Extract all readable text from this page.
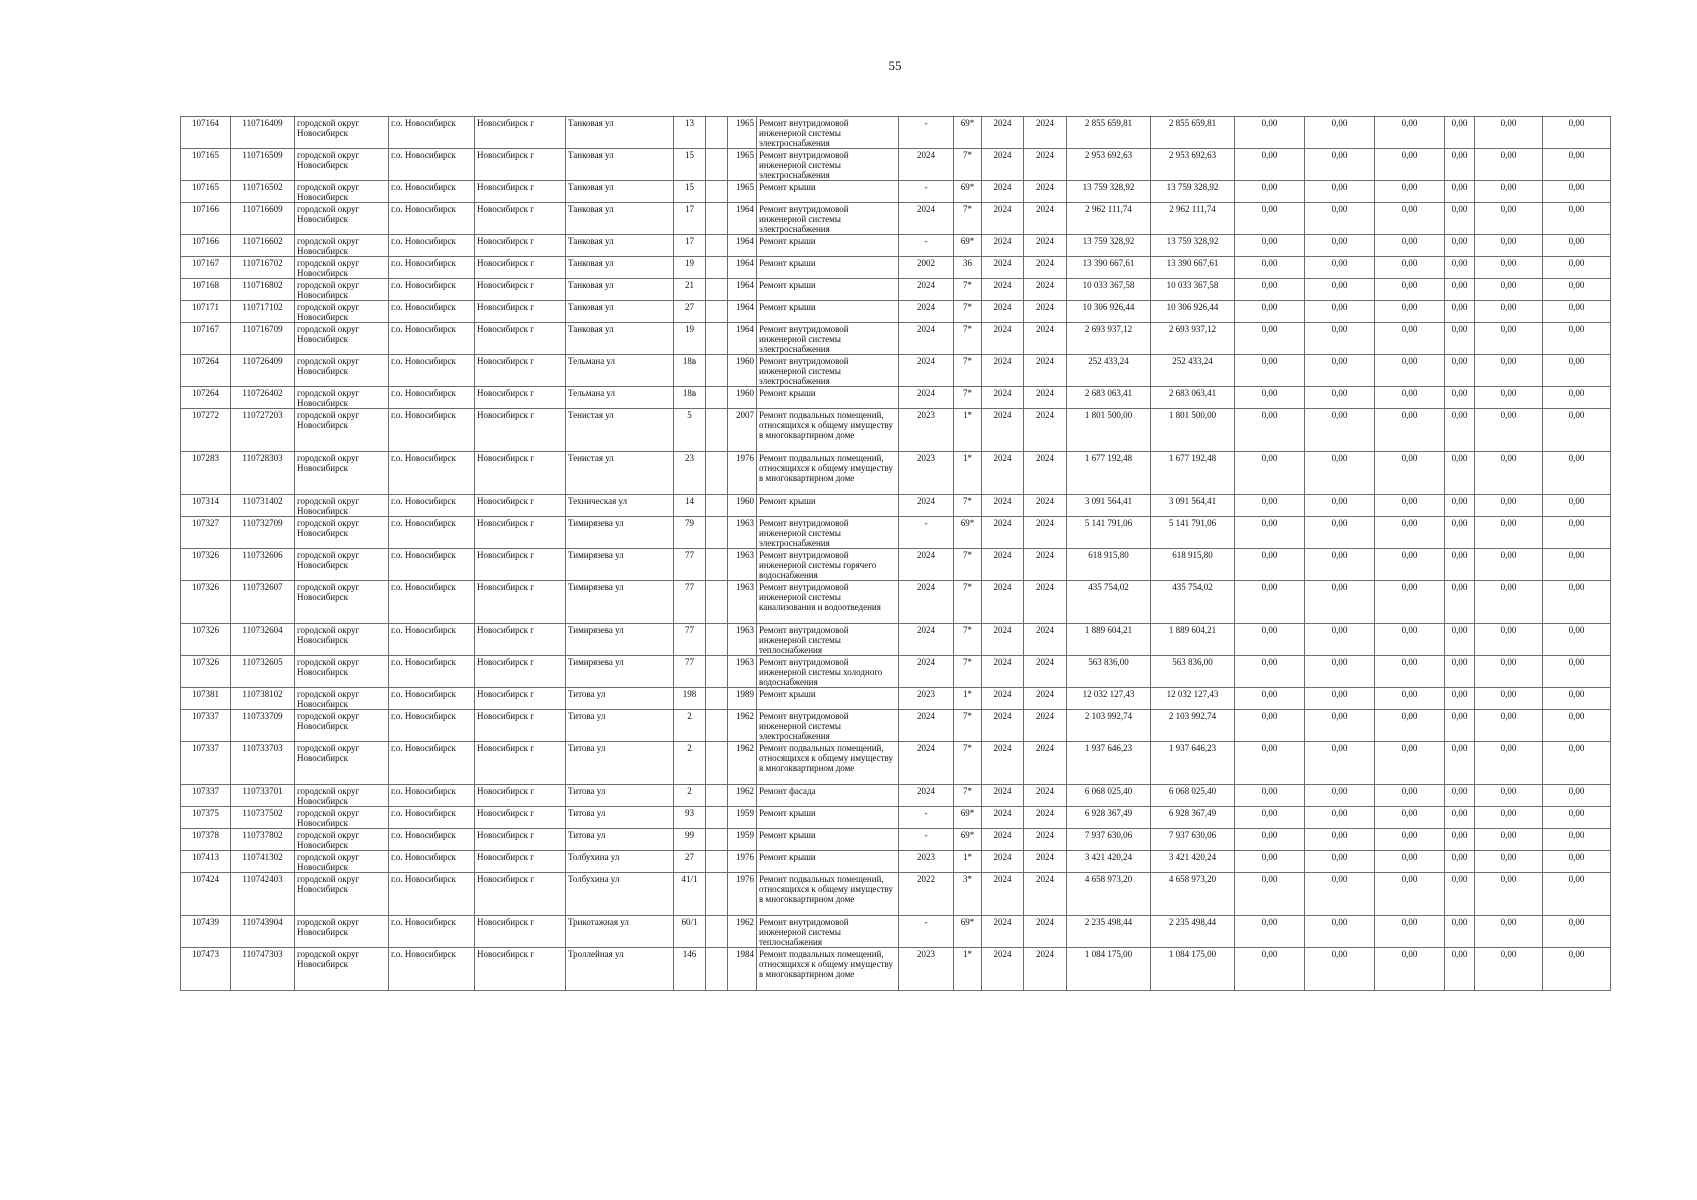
55
107164	110716409	городской округ Новосибирск	г.о. Новосибирск	Новосибирск г	Танковая ул	13		1965	Ремонт внутридомовой инженерной системы электроснабжения	-	69*	2024	2024	2 855 659,81	2 855 659,81	0,00	0,00	0,00	0,00	0,00	0,00
107165	110716509	городской округ Новосибирск	г.о. Новосибирск	Новосибирск г	Танковая ул	15		1965	Ремонт внутридомовой инженерной системы электроснабжения	2024	7*	2024	2024	2 953 692,63	2 953 692,63	0,00	0,00	0,00	0,00	0,00	0,00
107165	110716502	городской округ Новосибирск	г.о. Новосибирск	Новосибирск г	Танковая ул	15		1965	Ремонт крыши	-	69*	2024	2024	13 759 328,92	13 759 328,92	0,00	0,00	0,00	0,00	0,00	0,00
107166	110716609	городской округ Новосибирск	г.о. Новосибирск	Новосибирск г	Танковая ул	17		1964	Ремонт внутридомовой инженерной системы электроснабжения	2024	7*	2024	2024	2 962 111,74	2 962 111,74	0,00	0,00	0,00	0,00	0,00	0,00
107166	110716602	городской округ Новосибирск	г.о. Новосибирск	Новосибирск г	Танковая ул	17		1964	Ремонт крыши	-	69*	2024	2024	13 759 328,92	13 759 328,92	0,00	0,00	0,00	0,00	0,00	0,00
107167	110716702	городской округ Новосибирск	г.о. Новосибирск	Новосибирск г	Танковая ул	19		1964	Ремонт крыши	2002	36	2024	2024	13 390 667,61	13 390 667,61	0,00	0,00	0,00	0,00	0,00	0,00
107168	110716802	городской округ Новосибирск	г.о. Новосибирск	Новосибирск г	Танковая ул	21		1964	Ремонт крыши	2024	7*	2024	2024	10 033 367,58	10 033 367,58	0,00	0,00	0,00	0,00	0,00	0,00
107171	110717102	городской округ Новосибирск	г.о. Новосибирск	Новосибирск г	Танковая ул	27		1964	Ремонт крыши	2024	7*	2024	2024	10 306 926,44	10 306 926,44	0,00	0,00	0,00	0,00	0,00	0,00
107167	110716709	городской округ Новосибирск	г.о. Новосибирск	Новосибирск г	Танковая ул	19		1964	Ремонт внутридомовой инженерной системы электроснабжения	2024	7*	2024	2024	2 693 937,12	2 693 937,12	0,00	0,00	0,00	0,00	0,00	0,00
107264	110726409	городской округ Новосибирск	г.о. Новосибирск	Новосибирск г	Тельмана ул	18в		1960	Ремонт внутридомовой инженерной системы электроснабжения	2024	7*	2024	2024	252 433,24	252 433,24	0,00	0,00	0,00	0,00	0,00	0,00
107264	110726402	городской округ Новосибирск	г.о. Новосибирск	Новосибирск г	Тельмана ул	18в		1960	Ремонт крыши	2024	7*	2024	2024	2 683 063,41	2 683 063,41	0,00	0,00	0,00	0,00	0,00	0,00
107272	110727203	городской округ Новосибирск	г.о. Новосибирск	Новосибирск г	Тенистая ул	5		2007	Ремонт подвальных помещений, относящихся к общему имуществу в многоквартирном доме	2023	1*	2024	2024	1 801 500,00	1 801 500,00	0,00	0,00	0,00	0,00	0,00	0,00
107283	110728303	городской округ Новосибирск	г.о. Новосибирск	Новосибирск г	Тенистая ул	23		1976	Ремонт подвальных помещений, относящихся к общему имуществу в многоквартирном доме	2023	1*	2024	2024	1 677 192,48	1 677 192,48	0,00	0,00	0,00	0,00	0,00	0,00
107314	110731402	городской округ Новосибирск	г.о. Новосибирск	Новосибирск г	Техническая ул	14		1960	Ремонт крыши	2024	7*	2024	2024	3 091 564,41	3 091 564,41	0,00	0,00	0,00	0,00	0,00	0,00
107327	110732709	городской округ Новосибирск	г.о. Новосибирск	Новосибирск г	Тимирязева ул	79		1963	Ремонт внутридомовой инженерной системы электроснабжения	-	69*	2024	2024	5 141 791,06	5 141 791,06	0,00	0,00	0,00	0,00	0,00	0,00
107326	110732606	городской округ Новосибирск	г.о. Новосибирск	Новосибирск г	Тимирязева ул	77		1963	Ремонт внутридомовой инженерной системы горячего водоснабжения	2024	7*	2024	2024	618 915,80	618 915,80	0,00	0,00	0,00	0,00	0,00	0,00
107326	110732607	городской округ Новосибирск	г.о. Новосибирск	Новосибирск г	Тимирязева ул	77		1963	Ремонт внутридомовой инженерной системы канализования и водоотведения	2024	7*	2024	2024	435 754,02	435 754,02	0,00	0,00	0,00	0,00	0,00	0,00
107326	110732604	городской округ Новосибирск	г.о. Новосибирск	Новосибирск г	Тимирязева ул	77		1963	Ремонт внутридомовой инженерной системы теплоснабжения	2024	7*	2024	2024	1 889 604,21	1 889 604,21	0,00	0,00	0,00	0,00	0,00	0,00
107326	110732605	городской округ Новосибирск	г.о. Новосибирск	Новосибирск г	Тимирязева ул	77		1963	Ремонт внутридомовой инженерной системы холодного водоснабжения	2024	7*	2024	2024	563 836,00	563 836,00	0,00	0,00	0,00	0,00	0,00	0,00
107381	110738102	городской округ Новосибирск	г.о. Новосибирск	Новосибирск г	Титова ул	198		1989	Ремонт крыши	2023	1*	2024	2024	12 032 127,43	12 032 127,43	0,00	0,00	0,00	0,00	0,00	0,00
107337	110733709	городской округ Новосибирск	г.о. Новосибирск	Новосибирск г	Титова ул	2		1962	Ремонт внутридомовой инженерной системы электроснабжения	2024	7*	2024	2024	2 103 992,74	2 103 992,74	0,00	0,00	0,00	0,00	0,00	0,00
107337	110733703	городской округ Новосибирск	г.о. Новосибирск	Новосибирск г	Титова ул	2		1962	Ремонт подвальных помещений, относящихся к общему имуществу в многоквартирном доме	2024	7*	2024	2024	1 937 646,23	1 937 646,23	0,00	0,00	0,00	0,00	0,00	0,00
107337	110733701	городской округ Новосибирск	г.о. Новосибирск	Новосибирск г	Титова ул	2		1962	Ремонт фасада	2024	7*	2024	2024	6 068 025,40	6 068 025,40	0,00	0,00	0,00	0,00	0,00	0,00
107375	110737502	городской округ Новосибирск	г.о. Новосибирск	Новосибирск г	Титова ул	93		1959	Ремонт крыши	-	69*	2024	2024	6 928 367,49	6 928 367,49	0,00	0,00	0,00	0,00	0,00	0,00
107378	110737802	городской округ Новосибирск	г.о. Новосибирск	Новосибирск г	Титова ул	99		1959	Ремонт крыши	-	69*	2024	2024	7 937 630,06	7 937 630,06	0,00	0,00	0,00	0,00	0,00	0,00
107413	110741302	городской округ Новосибирск	г.о. Новосибирск	Новосибирск г	Толбухина ул	27		1976	Ремонт крыши	2023	1*	2024	2024	3 421 420,24	3 421 420,24	0,00	0,00	0,00	0,00	0,00	0,00
107424	110742403	городской округ Новосибирск	г.о. Новосибирск	Новосибирск г	Толбухина ул	41/1		1976	Ремонт подвальных помещений, относящихся к общему имуществу в многоквартирном доме	2022	3*	2024	2024	4 658 973,20	4 658 973,20	0,00	0,00	0,00	0,00	0,00	0,00
107439	110743904	городской округ Новосибирск	г.о. Новосибирск	Новосибирск г	Трикотажная ул	60/1		1962	Ремонт внутридомовой инженерной системы теплоснабжения	-	69*	2024	2024	2 235 498,44	2 235 498,44	0,00	0,00	0,00	0,00	0,00	0,00
107473	110747303	городской округ Новосибирск	г.о. Новосибирск	Новосибирск г	Троллейная ул	146		1984	Ремонт подвальных помещений, относящихся к общему имуществу в многоквартирном доме	2023	1*	2024	2024	1 084 175,00	1 084 175,00	0,00	0,00	0,00	0,00	0,00	0,00
